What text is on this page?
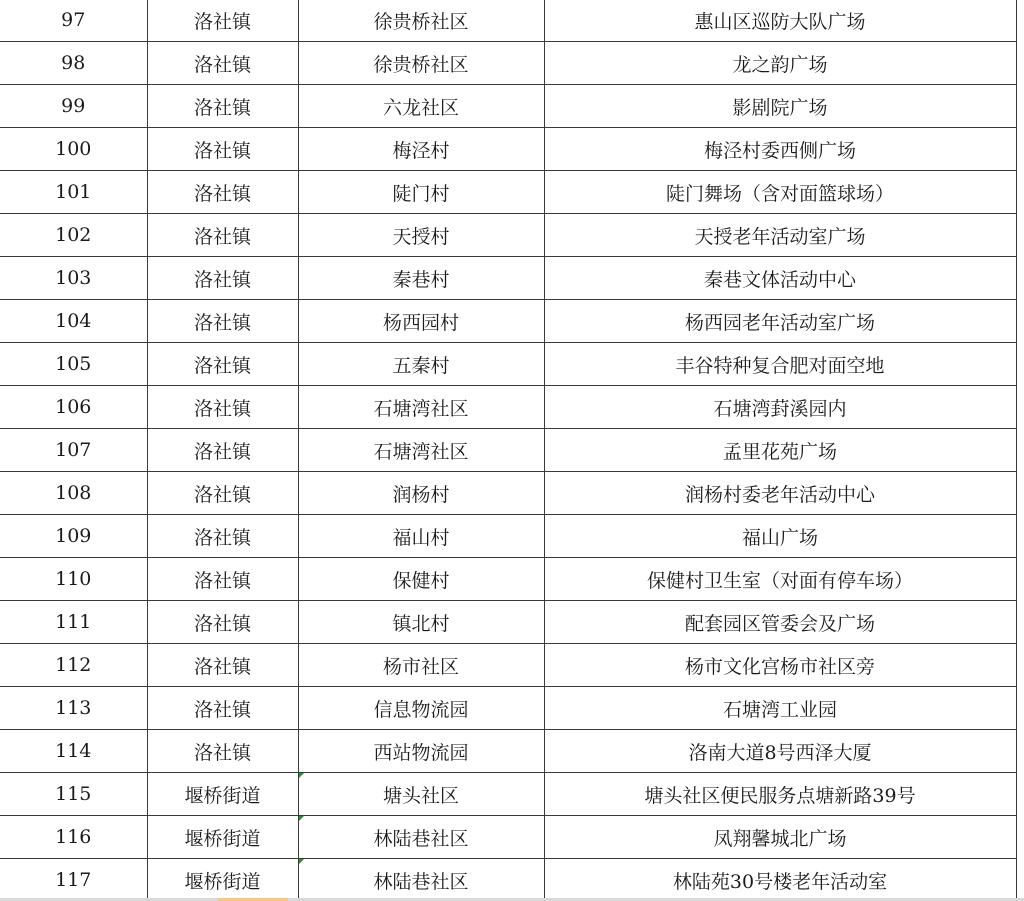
97	洛社镇	徐贵桥社区	惠山区巡防大队广场
98	洛社镇	徐贵桥社区	龙之韵广场
99	洛社镇	六龙社区	影剧院广场
100	洛社镇	梅泾村	梅泾村委西侧广场
101	洛社镇	陡门村	陡门舞场（含对面篮球场）
102	洛社镇	天授村	天授老年活动室广场
103	洛社镇	秦巷村	秦巷文体活动中心
104	洛社镇	杨西园村	杨西园老年活动室广场
105	洛社镇	五秦村	丰谷特种复合肥对面空地
106	洛社镇	石塘湾社区	石塘湾葑溪园内
107	洛社镇	石塘湾社区	孟里花苑广场
108	洛社镇	润杨村	润杨村委老年活动中心
109	洛社镇	福山村	福山广场
110	洛社镇	保健村	保健村卫生室（对面有停车场）
111	洛社镇	镇北村	配套园区管委会及广场
112	洛社镇	杨市社区	杨市文化宫杨市社区旁
113	洛社镇	信息物流园	石塘湾工业园
114	洛社镇	西站物流园	洛南大道8号西泽大厦
115	堰桥街道	塘头社区	塘头社区便民服务点塘新路39号
116	堰桥街道	林陆巷社区	凤翔馨城北广场
117	堰桥街道	林陆巷社区	林陆苑30号楼老年活动室
